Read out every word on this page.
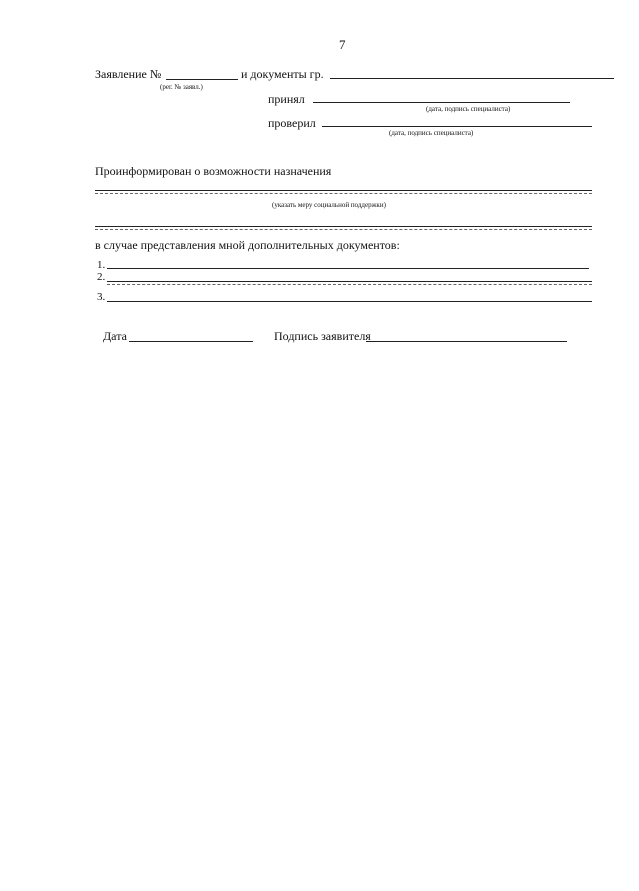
7
Заявление №
(рег. № заявл.)
и документы гр.
принял
(дата, подпись специалиста)
проверил
(дата, подпись специалиста)
Проинформирован о возможности назначения
(указать меру социальной поддержки)
в случае представления мной дополнительных документов:
1.
2.
3.
Дата	Подпись заявителя
